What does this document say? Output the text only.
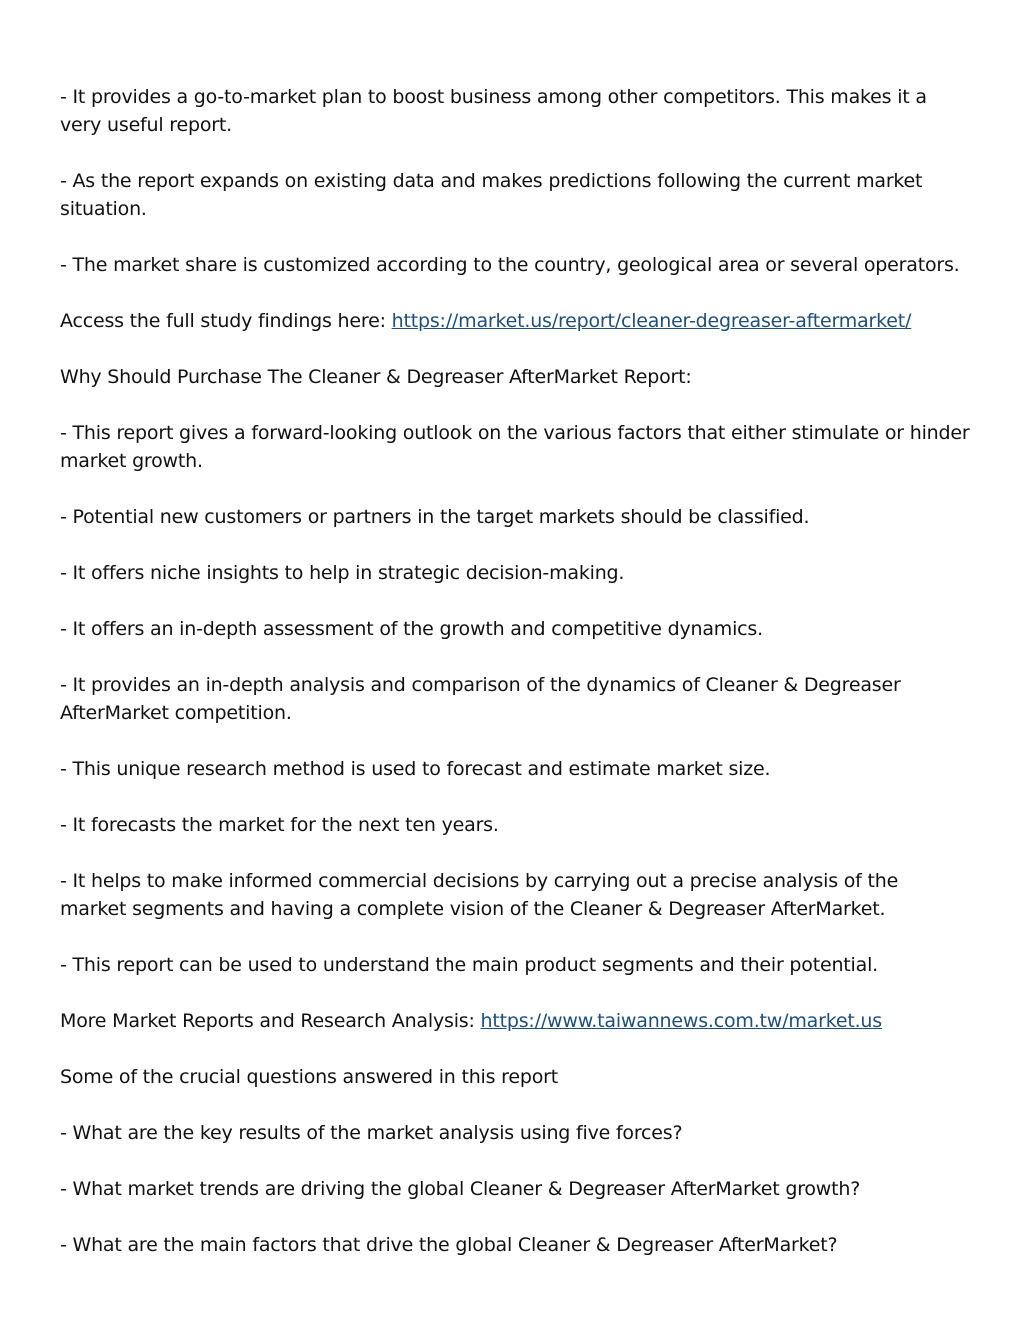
- It provides a go-to-market plan to boost business among other competitors. This makes it a very useful report.

- As the report expands on existing data and makes predictions following the current market situation.

- The market share is customized according to the country, geological area or several operators.

Access the full study findings here: https://market.us/report/cleaner-degreaser-aftermarket/

Why Should Purchase The Cleaner & Degreaser AfterMarket Report:

- This report gives a forward-looking outlook on the various factors that either stimulate or hinder market growth.

- Potential new customers or partners in the target markets should be classified.

- It offers niche insights to help in strategic decision-making.

- It offers an in-depth assessment of the growth and competitive dynamics.

- It provides an in-depth analysis and comparison of the dynamics of Cleaner & Degreaser AfterMarket competition.

- This unique research method is used to forecast and estimate market size.

- It forecasts the market for the next ten years.

- It helps to make informed commercial decisions by carrying out a precise analysis of the market segments and having a complete vision of the Cleaner & Degreaser AfterMarket.

- This report can be used to understand the main product segments and their potential.

More Market Reports and Research Analysis: https://www.taiwannews.com.tw/market.us

Some of the crucial questions answered in this report

- What are the key results of the market analysis using five forces?

- What market trends are driving the global Cleaner & Degreaser AfterMarket growth?

- What are the main factors that drive the global Cleaner & Degreaser AfterMarket?
